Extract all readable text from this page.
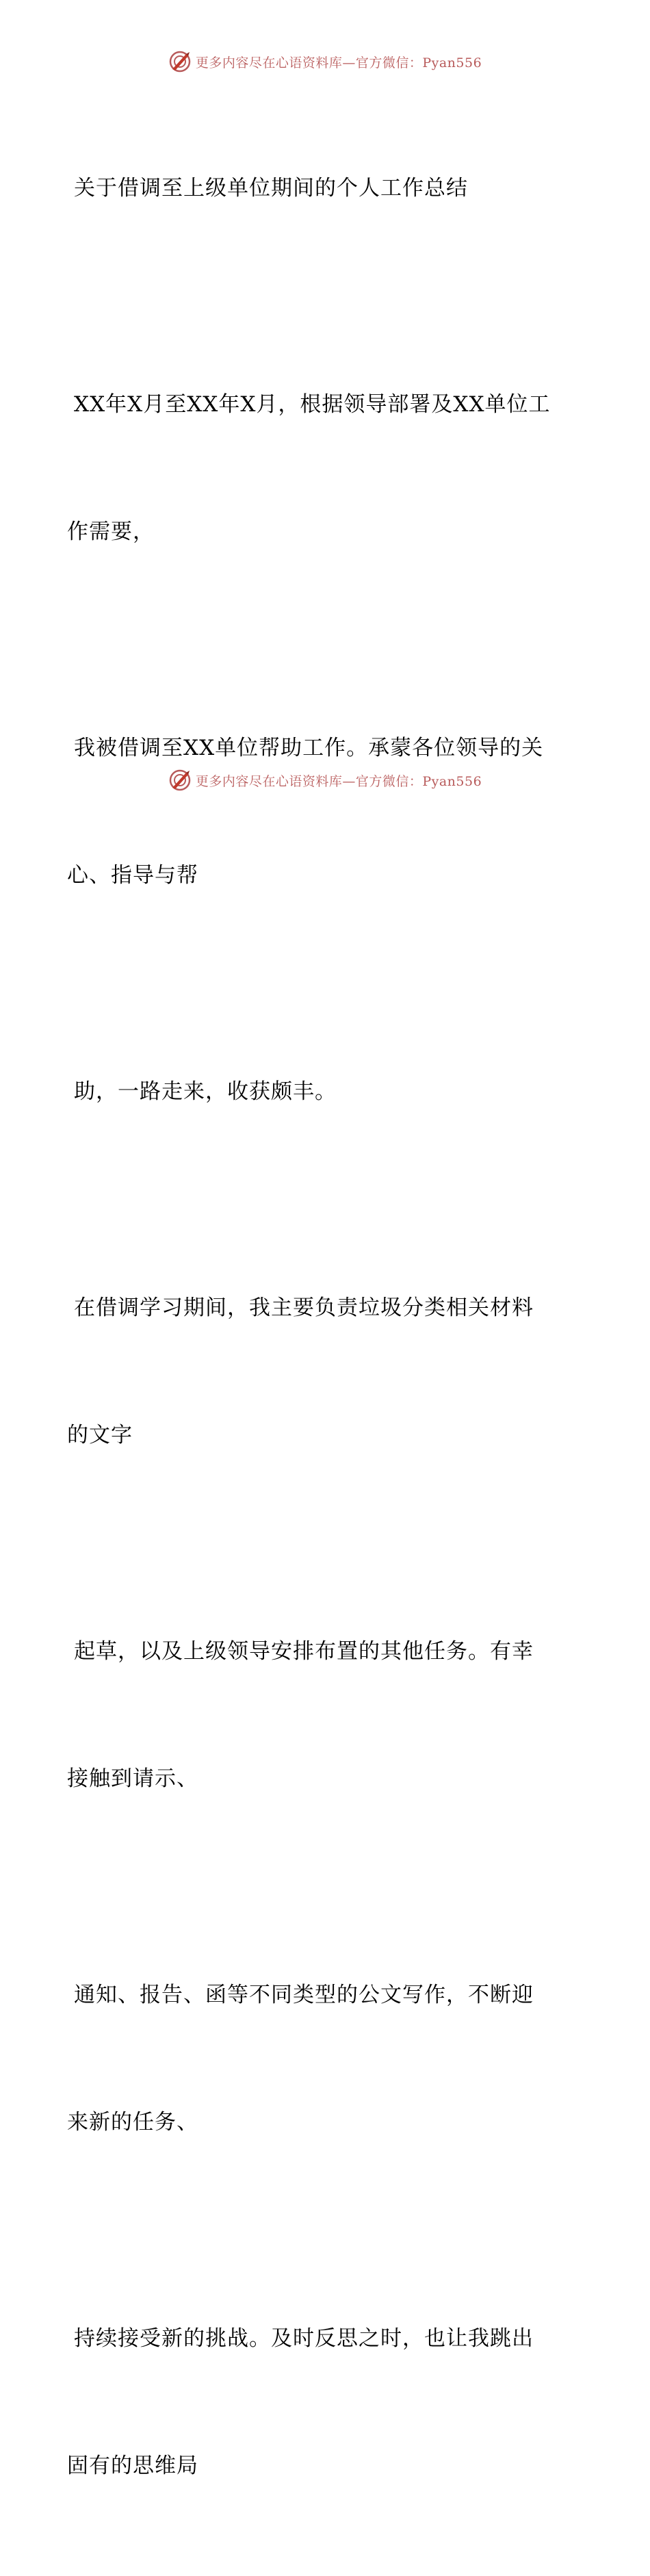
更多内容尽在心语资料库—官方微信：Pyan556

关于借调至上级单位期间的个人工作总结

XX年X月至XX年X月，根据领导部署及XX单位工

作需要，

我被借调至XX单位帮助工作。承蒙各位领导的关

心、指导与帮

助，一路走来，收获颇丰。

在借调学习期间，我主要负责垃圾分类相关材料

的文字

起草，以及上级领导安排布置的其他任务。有幸

接触到请示、

通知、报告、函等不同类型的公文写作，不断迎

来新的任务、

持续接受新的挑战。及时反思之时，也让我跳出

固有的思维局

更多内容尽在心语资料库—官方微信：Pyan556
